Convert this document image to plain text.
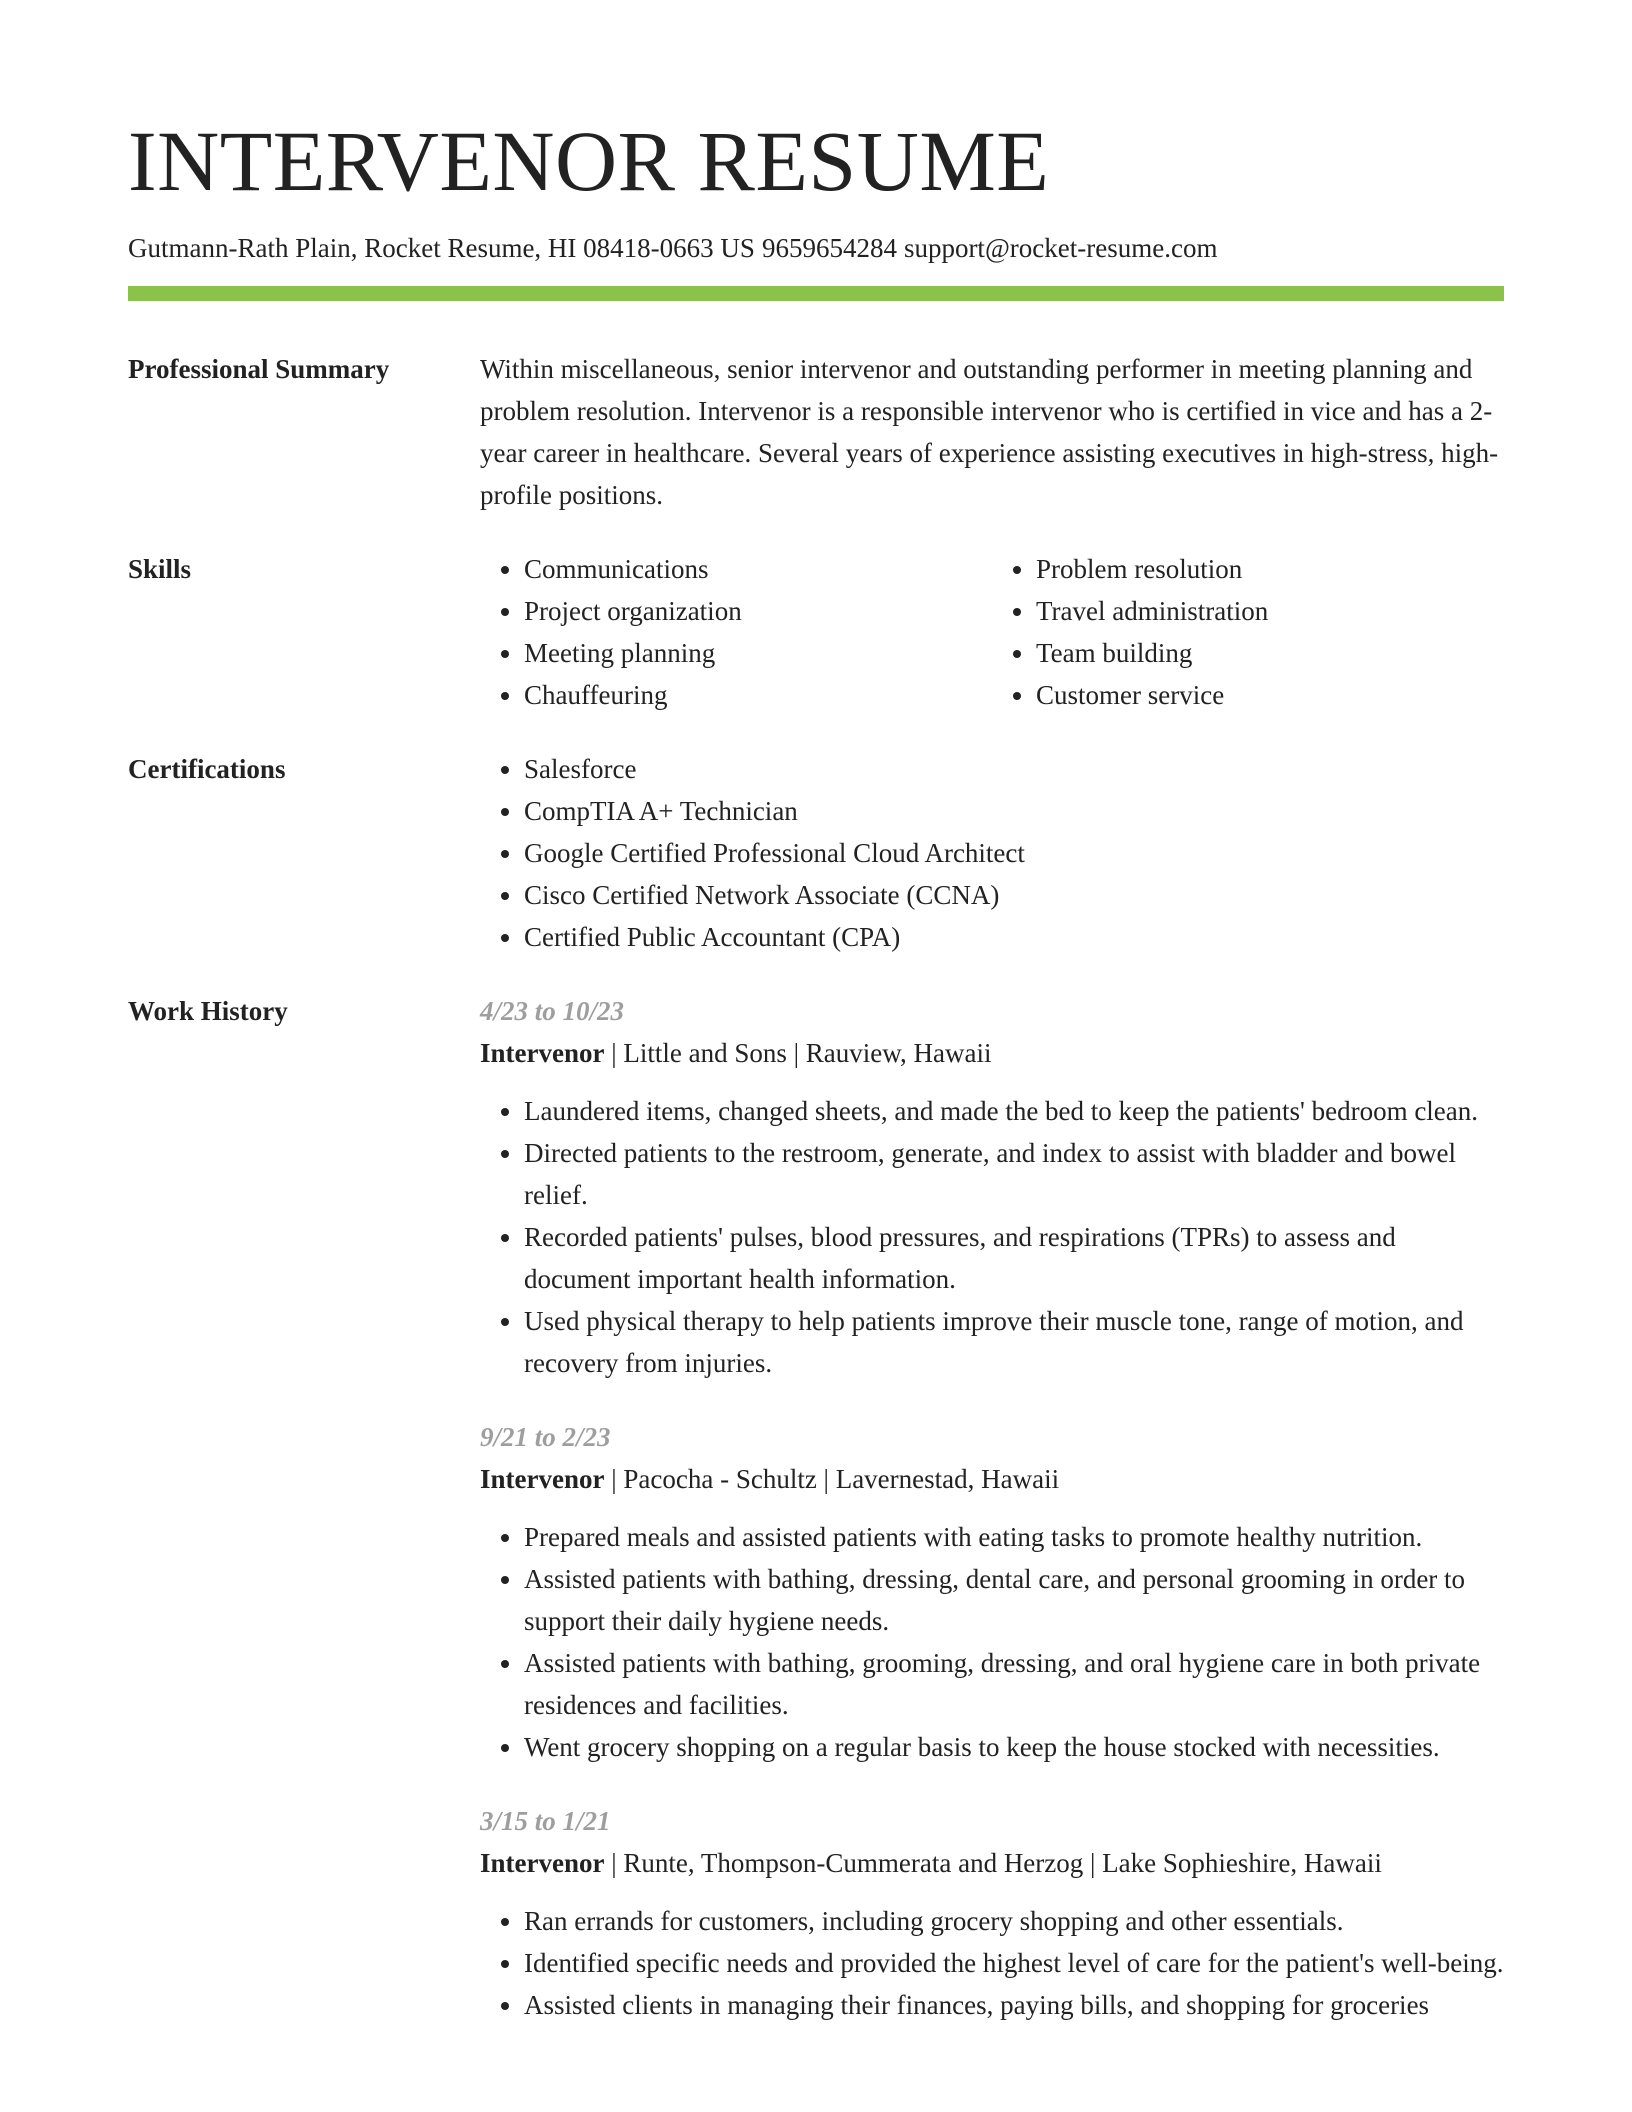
INTERVENOR RESUME
Gutmann-Rath Plain, Rocket Resume, HI 08418-0663 US 9659654284 support@rocket-resume.com
Professional Summary	Within miscellaneous, senior intervenor and outstanding performer in meeting planning and problem resolution. Intervenor is a responsible intervenor who is certified in vice and has a 2-year career in healthcare. Several years of experience assisting executives in high-stress, high-profile positions.

Skills	• Communications
• Project organization
• Meeting planning
• Chauffeuring
• Problem resolution
• Travel administration
• Team building
• Customer service
Certifications	• Salesforce
• CompTIA A+ Technician
• Google Certified Professional Cloud Architect
• Cisco Certified Network Associate (CCNA)
• Certified Public Accountant (CPA)
Work History	4/23 to 10/23
Intervenor | Little and Sons | Rauview, Hawaii
• Laundered items, changed sheets, and made the bed to keep the patients' bedroom clean.
• Directed patients to the restroom, generate, and index to assist with bladder and bowel relief.
• Recorded patients' pulses, blood pressures, and respirations (TPRs) to assess and document important health information.
• Used physical therapy to help patients improve their muscle tone, range of motion, and recovery from injuries.
9/21 to 2/23
Intervenor | Pacocha - Schultz | Lavernestad, Hawaii
• Prepared meals and assisted patients with eating tasks to promote healthy nutrition.
• Assisted patients with bathing, dressing, dental care, and personal grooming in order to support their daily hygiene needs.
• Assisted patients with bathing, grooming, dressing, and oral hygiene care in both private residences and facilities.
• Went grocery shopping on a regular basis to keep the house stocked with necessities.
3/15 to 1/21
Intervenor | Runte, Thompson-Cummerata and Herzog | Lake Sophieshire, Hawaii
• Ran errands for customers, including grocery shopping and other essentials.
• Identified specific needs and provided the highest level of care for the patient's well-being.
• Assisted clients in managing their finances, paying bills, and shopping for groceries
